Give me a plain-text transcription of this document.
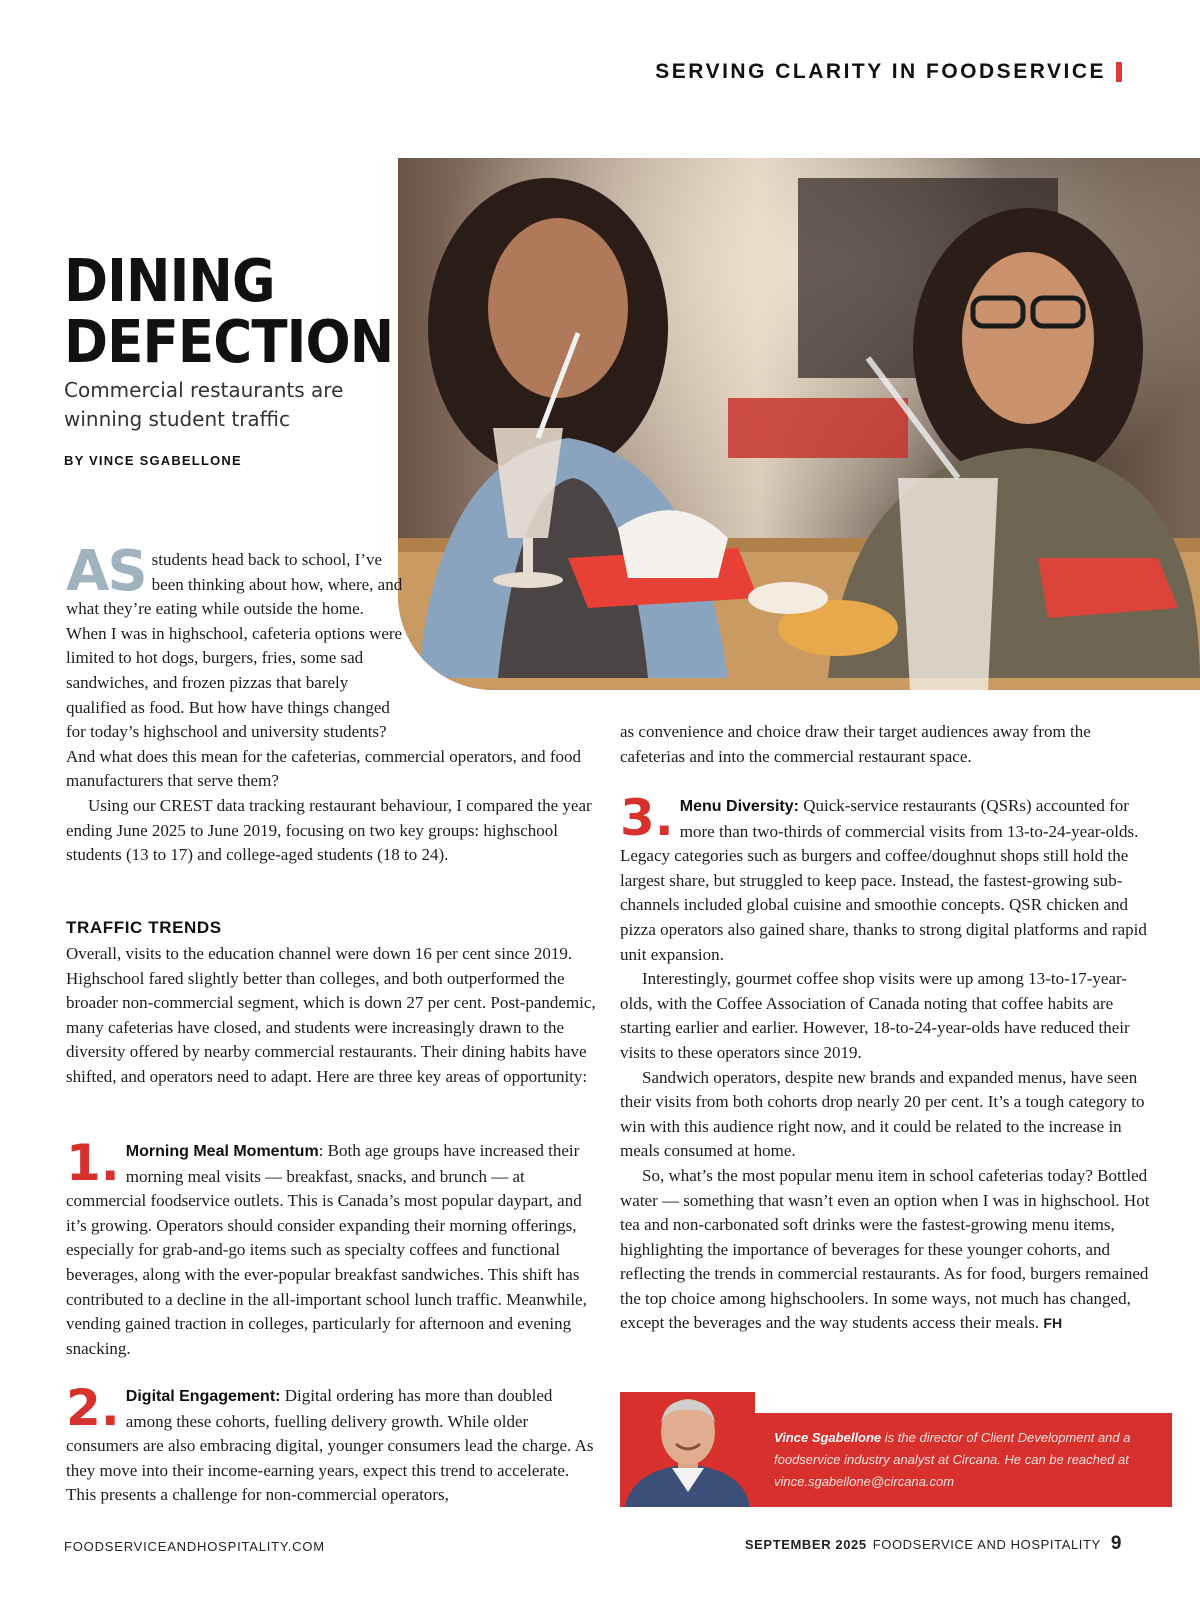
SERVING CLARITY IN FOODSERVICE
DINING
DEFECTION

Commercial restaurants are winning student traffic

BY VINCE SGABELLONE

AS students head back to school, I’ve been thinking about how, where, and what they’re eating while outside the home. When I was in highschool, cafeteria options were limited to hot dogs, burgers, fries, some sad sandwiches, and frozen pizzas that barely qualified as food. But how have things changed for today’s highschool and university students? And what does this mean for the cafeterias, commercial operators, and food manufacturers that serve them?

Using our CREST data tracking restaurant behaviour, I compared the year ending June 2025 to June 2019, focusing on two key groups: highschool students (13 to 17) and college-aged students (18 to 24).

TRAFFIC TRENDS

Overall, visits to the education channel were down 16 per cent since 2019. Highschool fared slightly better than colleges, and both outperformed the broader non-commercial segment, which is down 27 per cent. Post-pandemic, many cafeterias have closed, and students were increasingly drawn to the diversity offered by nearby commercial restaurants. Their dining habits have shifted, and operators need to adapt. Here are three key areas of opportunity:

1. Morning Meal Momentum: Both age groups have increased their morning meal visits — breakfast, snacks, and brunch — at commercial foodservice outlets. This is Canada’s most popular daypart, and it’s growing. Operators should consider expanding their morning offerings, especially for grab-and-go items such as specialty coffees and functional beverages, along with the ever-popular breakfast sandwiches. This shift has contributed to a decline in the all-important school lunch traffic. Meanwhile, vending gained traction in colleges, particularly for afternoon and evening snacking.
2. Digital Engagement: Digital ordering has more than doubled among these cohorts, fuelling delivery growth. While older consumers are also embracing digital, younger consumers lead the charge. As they move into their income-earning years, expect this trend to accelerate. This presents a challenge for non-commercial operators,
as convenience and choice draw their target audiences away from the cafeterias and into the commercial restaurant space.

3. Menu Diversity: Quick-service restaurants (QSRs) accounted for more than two-thirds of commercial visits from 13-to-24-year-olds. Legacy categories such as burgers and coffee/doughnut shops still hold the largest share, but struggled to keep pace. Instead, the fastest-growing sub-channels included global cuisine and smoothie concepts. QSR chicken and pizza operators also gained share, thanks to strong digital platforms and rapid unit expansion.

Interestingly, gourmet coffee shop visits were up among 13-to-17-year-olds, with the Coffee Association of Canada noting that coffee habits are starting earlier and earlier. However, 18-to-24-year-olds have reduced their visits to these operators since 2019.

Sandwich operators, despite new brands and expanded menus, have seen their visits from both cohorts drop nearly 20 per cent. It’s a tough category to win with this audience right now, and it could be related to the increase in meals consumed at home.

So, what’s the most popular menu item in school cafeterias today? Bottled water — something that wasn’t even an option when I was in highschool. Hot tea and non-carbonated soft drinks were the fastest-growing menu items, highlighting the importance of beverages for these younger cohorts, and reflecting the trends in commercial restaurants. As for food, burgers remained the top choice among highschoolers. In some ways, not much has changed, except the beverages and the way students access their meals. FH

Vince Sgabellone is the director of Client Development and a foodservice industry analyst at Circana. He can be reached at vince.sgabellone@circana.com
FOODSERVICEANDHOSPITALITY.COM	SEPTEMBER 2025 FOODSERVICE AND HOSPITALITY 9
